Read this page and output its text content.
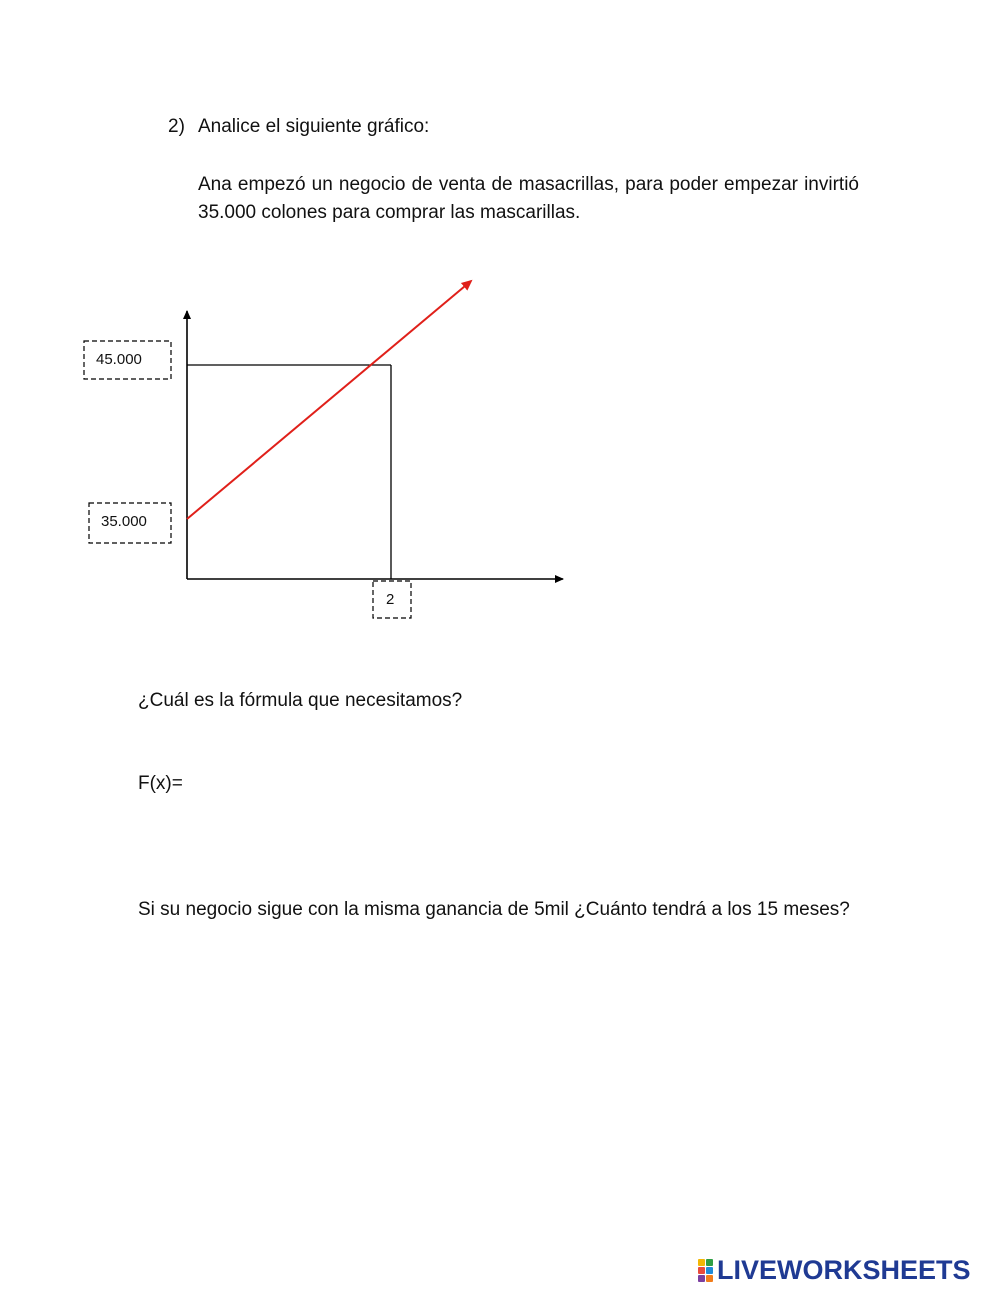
2) Analice el siguiente gráfico:
Ana empezó un negocio de venta de masacrillas, para poder empezar invirtió 35.000 colones para comprar las mascarillas.
45.000
35.000
2
¿Cuál es la fórmula que necesitamos?
F(x)=
Si su negocio sigue con la misma ganancia de 5mil ¿Cuánto tendrá a los 15 meses?
LIVEWORKSHEETS
